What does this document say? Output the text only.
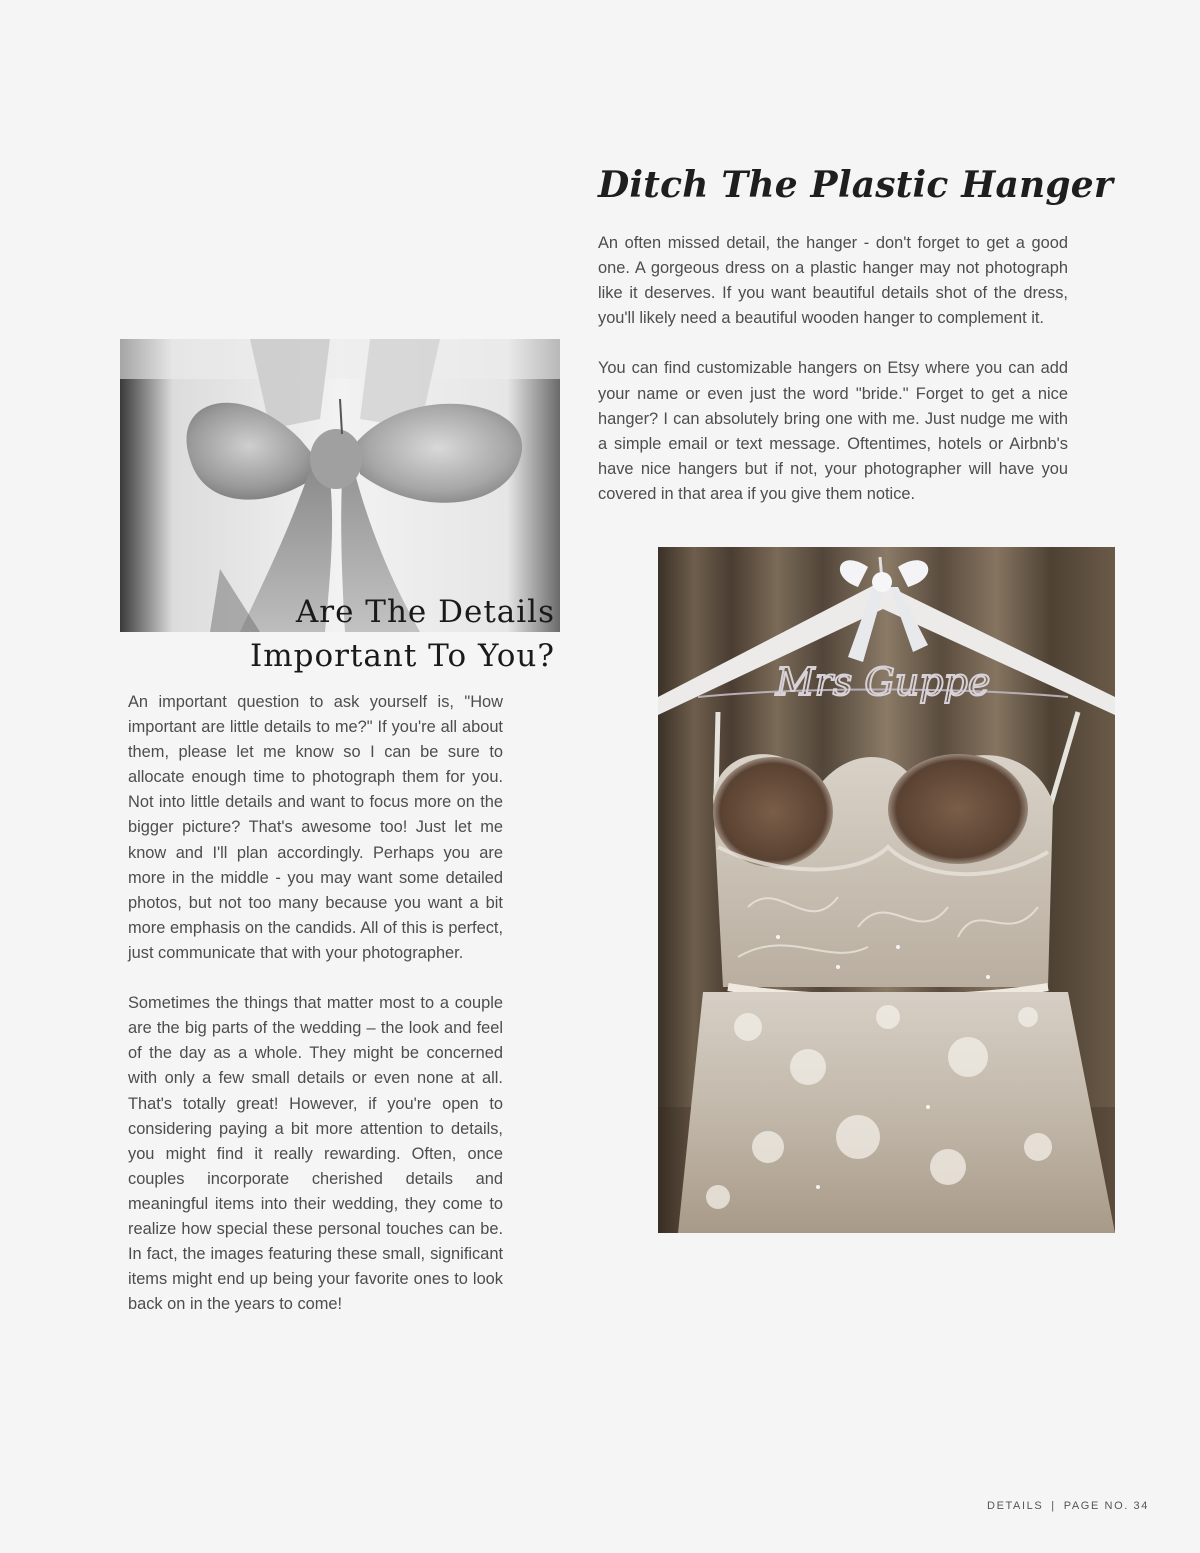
Ditch The Plastic Hanger

An often missed detail, the hanger - don't forget to get a good one. A gorgeous dress on a plastic hanger may not photograph like it deserves. If you want beautiful details shot of the dress, you'll likely need a beautiful wooden hanger to complement it.

You can find customizable hangers on Etsy where you can add your name or even just the word "bride." Forget to get a nice hanger? I can absolutely bring one with me. Just nudge me with a simple email or text message. Oftentimes, hotels or Airbnb's have nice hangers but if not, your photographer will have you covered in that area if you give them notice.

Are The Details
Important To You?

An important question to ask yourself is, "How important are little details to me?" If you're all about them, please let me know so I can be sure to allocate enough time to photograph them for you. Not into little details and want to focus more on the bigger picture? That's awesome too! Just let me know and I'll plan accordingly. Perhaps you are more in the middle - you may want some detailed photos, but not too many because you want a bit more emphasis on the candids. All of this is perfect, just communicate that with your photographer.

Sometimes the things that matter most to a couple are the big parts of the wedding – the look and feel of the day as a whole. They might be concerned with only a few small details or even none at all. That's totally great! However, if you're open to considering paying a bit more attention to details, you might find it really rewarding. Often, once couples incorporate cherished details and meaningful items into their wedding, they come to realize how special these personal touches can be. In fact, the images featuring these small, significant items might end up being your favorite ones to look back on in the years to come!

Mrs Guppe
DETAILS | PAGE NO. 34
